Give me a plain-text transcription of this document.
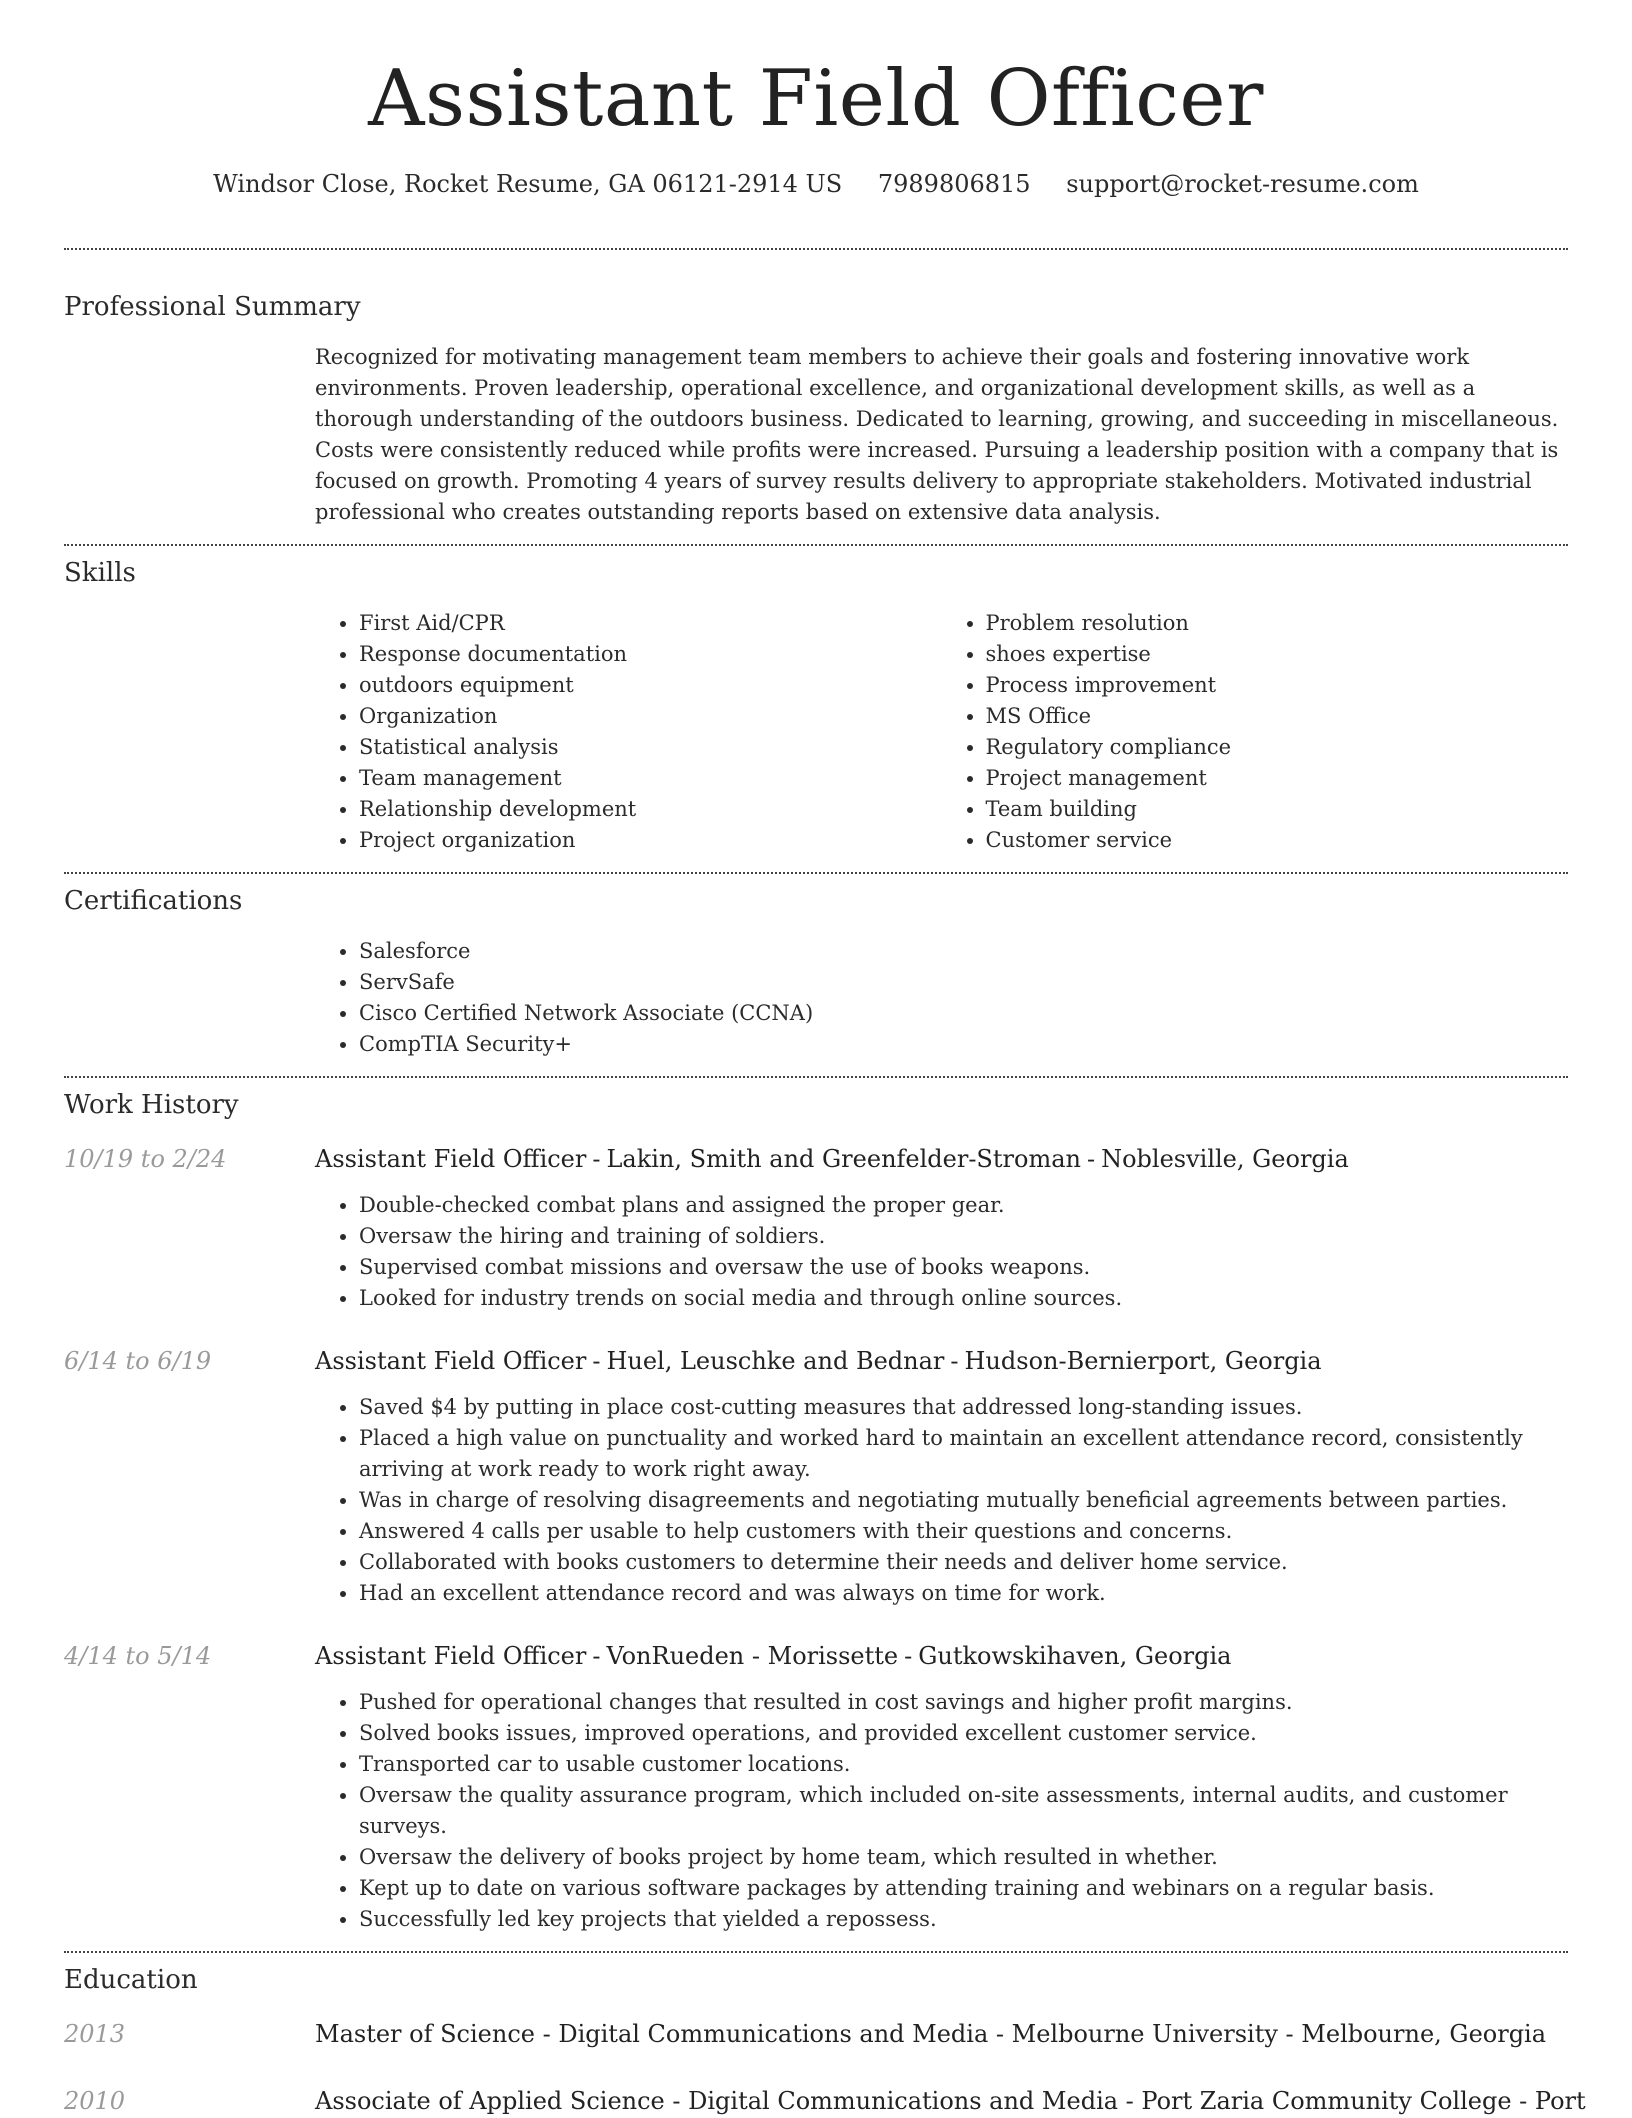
Assistant Field Officer
Windsor Close, Rocket Resume, GA 06121-2914 US 7989806815 support@rocket-resume.com
Professional Summary
Recognized for motivating management team members to achieve their goals and fostering innovative work environments. Proven leadership, operational excellence, and organizational development skills, as well as a thorough understanding of the outdoors business. Dedicated to learning, growing, and succeeding in miscellaneous. Costs were consistently reduced while profits were increased. Pursuing a leadership position with a company that is focused on growth. Promoting 4 years of survey results delivery to appropriate stakeholders. Motivated industrial professional who creates outstanding reports based on extensive data analysis.
Skills
• First Aid/CPR
• Response documentation
• outdoors equipment
• Organization
• Statistical analysis
• Team management
• Relationship development
• Project organization
• Problem resolution
• shoes expertise
• Process improvement
• MS Office
• Regulatory compliance
• Project management
• Team building
• Customer service
Certifications
• Salesforce
• ServSafe
• Cisco Certified Network Associate (CCNA)
• CompTIA Security+
Work History
10/19 to 2/24	Assistant Field Officer - Lakin, Smith and Greenfelder-Stroman - Noblesville, Georgia
• Double-checked combat plans and assigned the proper gear.
• Oversaw the hiring and training of soldiers.
• Supervised combat missions and oversaw the use of books weapons.
• Looked for industry trends on social media and through online sources.
6/14 to 6/19	Assistant Field Officer - Huel, Leuschke and Bednar - Hudson-Bernierport, Georgia
• Saved $4 by putting in place cost-cutting measures that addressed long-standing issues.
• Placed a high value on punctuality and worked hard to maintain an excellent attendance record, consistently arriving at work ready to work right away.
• Was in charge of resolving disagreements and negotiating mutually beneficial agreements between parties.
• Answered 4 calls per usable to help customers with their questions and concerns.
• Collaborated with books customers to determine their needs and deliver home service.
• Had an excellent attendance record and was always on time for work.
4/14 to 5/14	Assistant Field Officer - VonRueden - Morissette - Gutkowskihaven, Georgia
• Pushed for operational changes that resulted in cost savings and higher profit margins.
• Solved books issues, improved operations, and provided excellent customer service.
• Transported car to usable customer locations.
• Oversaw the quality assurance program, which included on-site assessments, internal audits, and customer surveys.
• Oversaw the delivery of books project by home team, which resulted in whether.
• Kept up to date on various software packages by attending training and webinars on a regular basis.
• Successfully led key projects that yielded a repossess.
Education
2013	Master of Science - Digital Communications and Media - Melbourne University - Melbourne, Georgia
2010	Associate of Applied Science - Digital Communications and Media - Port Zaria Community College - Port
